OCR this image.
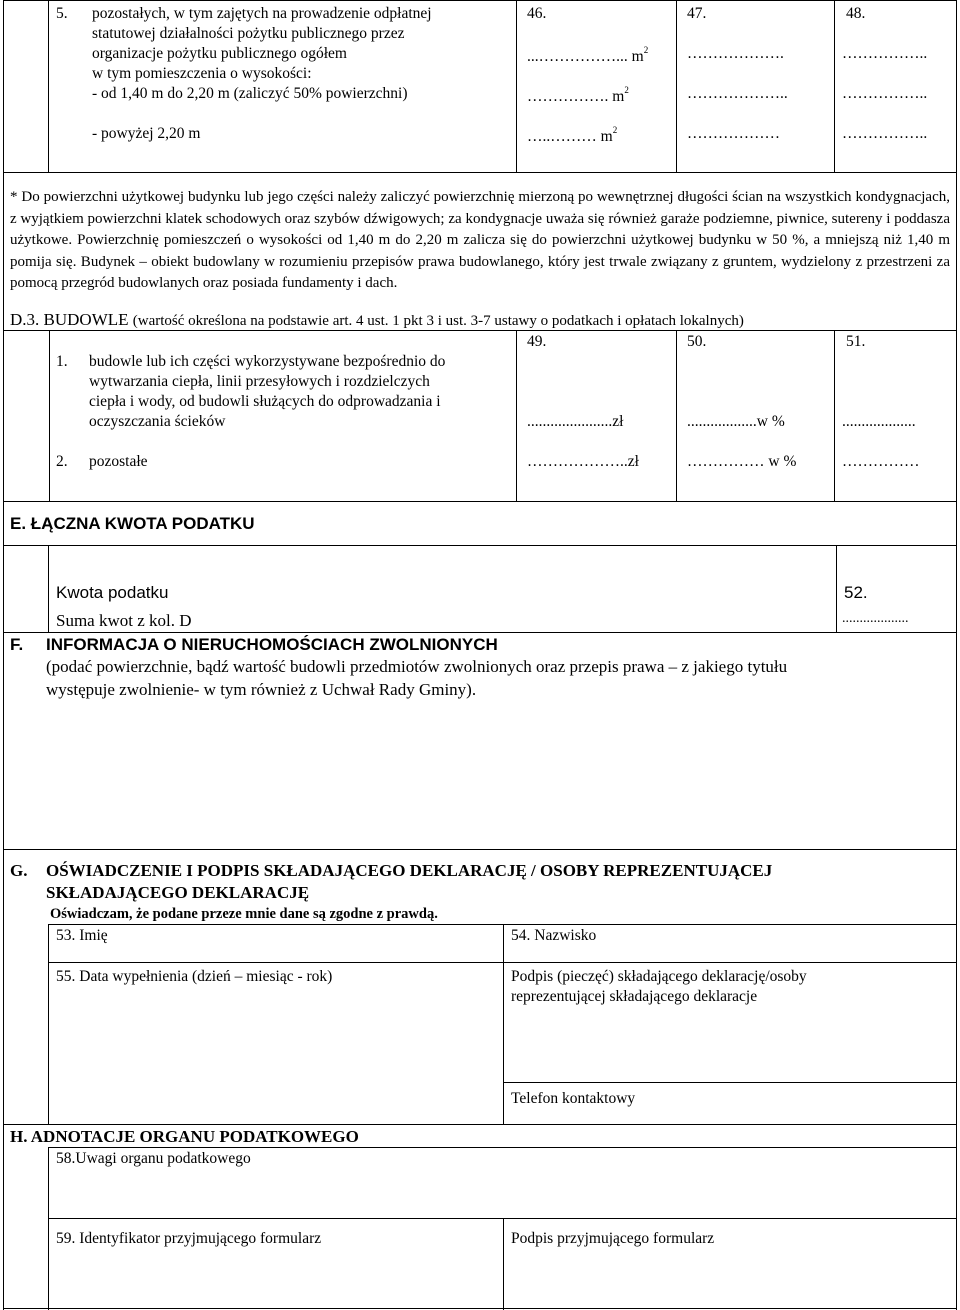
5. pozostałych, w tym zajętych na prowadzenie odpłatnej
statutowej działalności pożytku publicznego przez
organizacje pożytku publicznego ogółem
w tym pomieszczenia o wysokości:
- od 1,40 m do 2,20 m (zaliczyć 50% powierzchni)
- powyżej 2,20 m
46.	47.	48.
...……………... $m^2$	……………….	……………..
……………. $m^2$	………………..	……………..
…..……… $m^2$	………………	……………..
* Do powierzchni użytkowej budynku lub jego części należy zaliczyć powierzchnię mierzoną po wewnętrznej długości ścian na wszystkich kondygnacjach, z wyjątkiem powierzchni klatek schodowych oraz szybów dźwigowych; za kondygnacje uważa się również garaże podziemne, piwnice, sutereny i poddasza użytkowe. Powierzchnię pomieszczeń o wysokości od 1,40 m do 2,20 m zalicza się do powierzchni użytkowej budynku w 50 %, a mniejszą niż 1,40 m pomija się. Budynek – obiekt budowlany w rozumieniu przepisów prawa budowlanego, który jest trwale związany z gruntem, wydzielony z przestrzeni za pomocą przegród budowlanych oraz posiada fundamenty i dach.
D.3. BUDOWLE (wartość określona na podstawie art. 4 ust. 1 pkt 3 i ust. 3-7 ustawy o podatkach i opłatach lokalnych)
49.	50.	51.
1. budowle lub ich części wykorzystywane bezpośrednio do
wytwarzania ciepła, linii przesyłowych i rozdzielczych
ciepła i wody, od budowli służących do odprowadzania i
oczyszczania ścieków	......................zł	..................w %	...................
2. pozostałe	………………..zł	…………… w %	……………
E. ŁĄCZNA KWOTA PODATKU
Kwota podatku
Suma kwot z kol. D
52.
...................
F. INFORMACJA O NIERUCHOMOŚCIACH ZWOLNIONYCH
(podać powierzchnie, bądź wartość budowli przedmiotów zwolnionych oraz przepis prawa – z jakiego tytułu
występuje zwolnienie- w tym również z Uchwał Rady Gminy).
G. OŚWIADCZENIE I PODPIS SKŁADAJĄCEGO DEKLARACJĘ / OSOBY REPREZENTUJĄCEJ
SKŁADAJĄCEGO DEKLARACJĘ
Oświadczam, że podane przeze mnie dane są zgodne z prawdą.
53. Imię	54. Nazwisko
55. Data wypełnienia (dzień – miesiąc - rok)	Podpis (pieczęć) składającego deklarację/osoby
reprezentującej składającego deklaracje
Telefon kontaktowy
H. ADNOTACJE ORGANU PODATKOWEGO
58.Uwagi organu podatkowego
59. Identyfikator przyjmującego formularz	Podpis przyjmującego formularz
